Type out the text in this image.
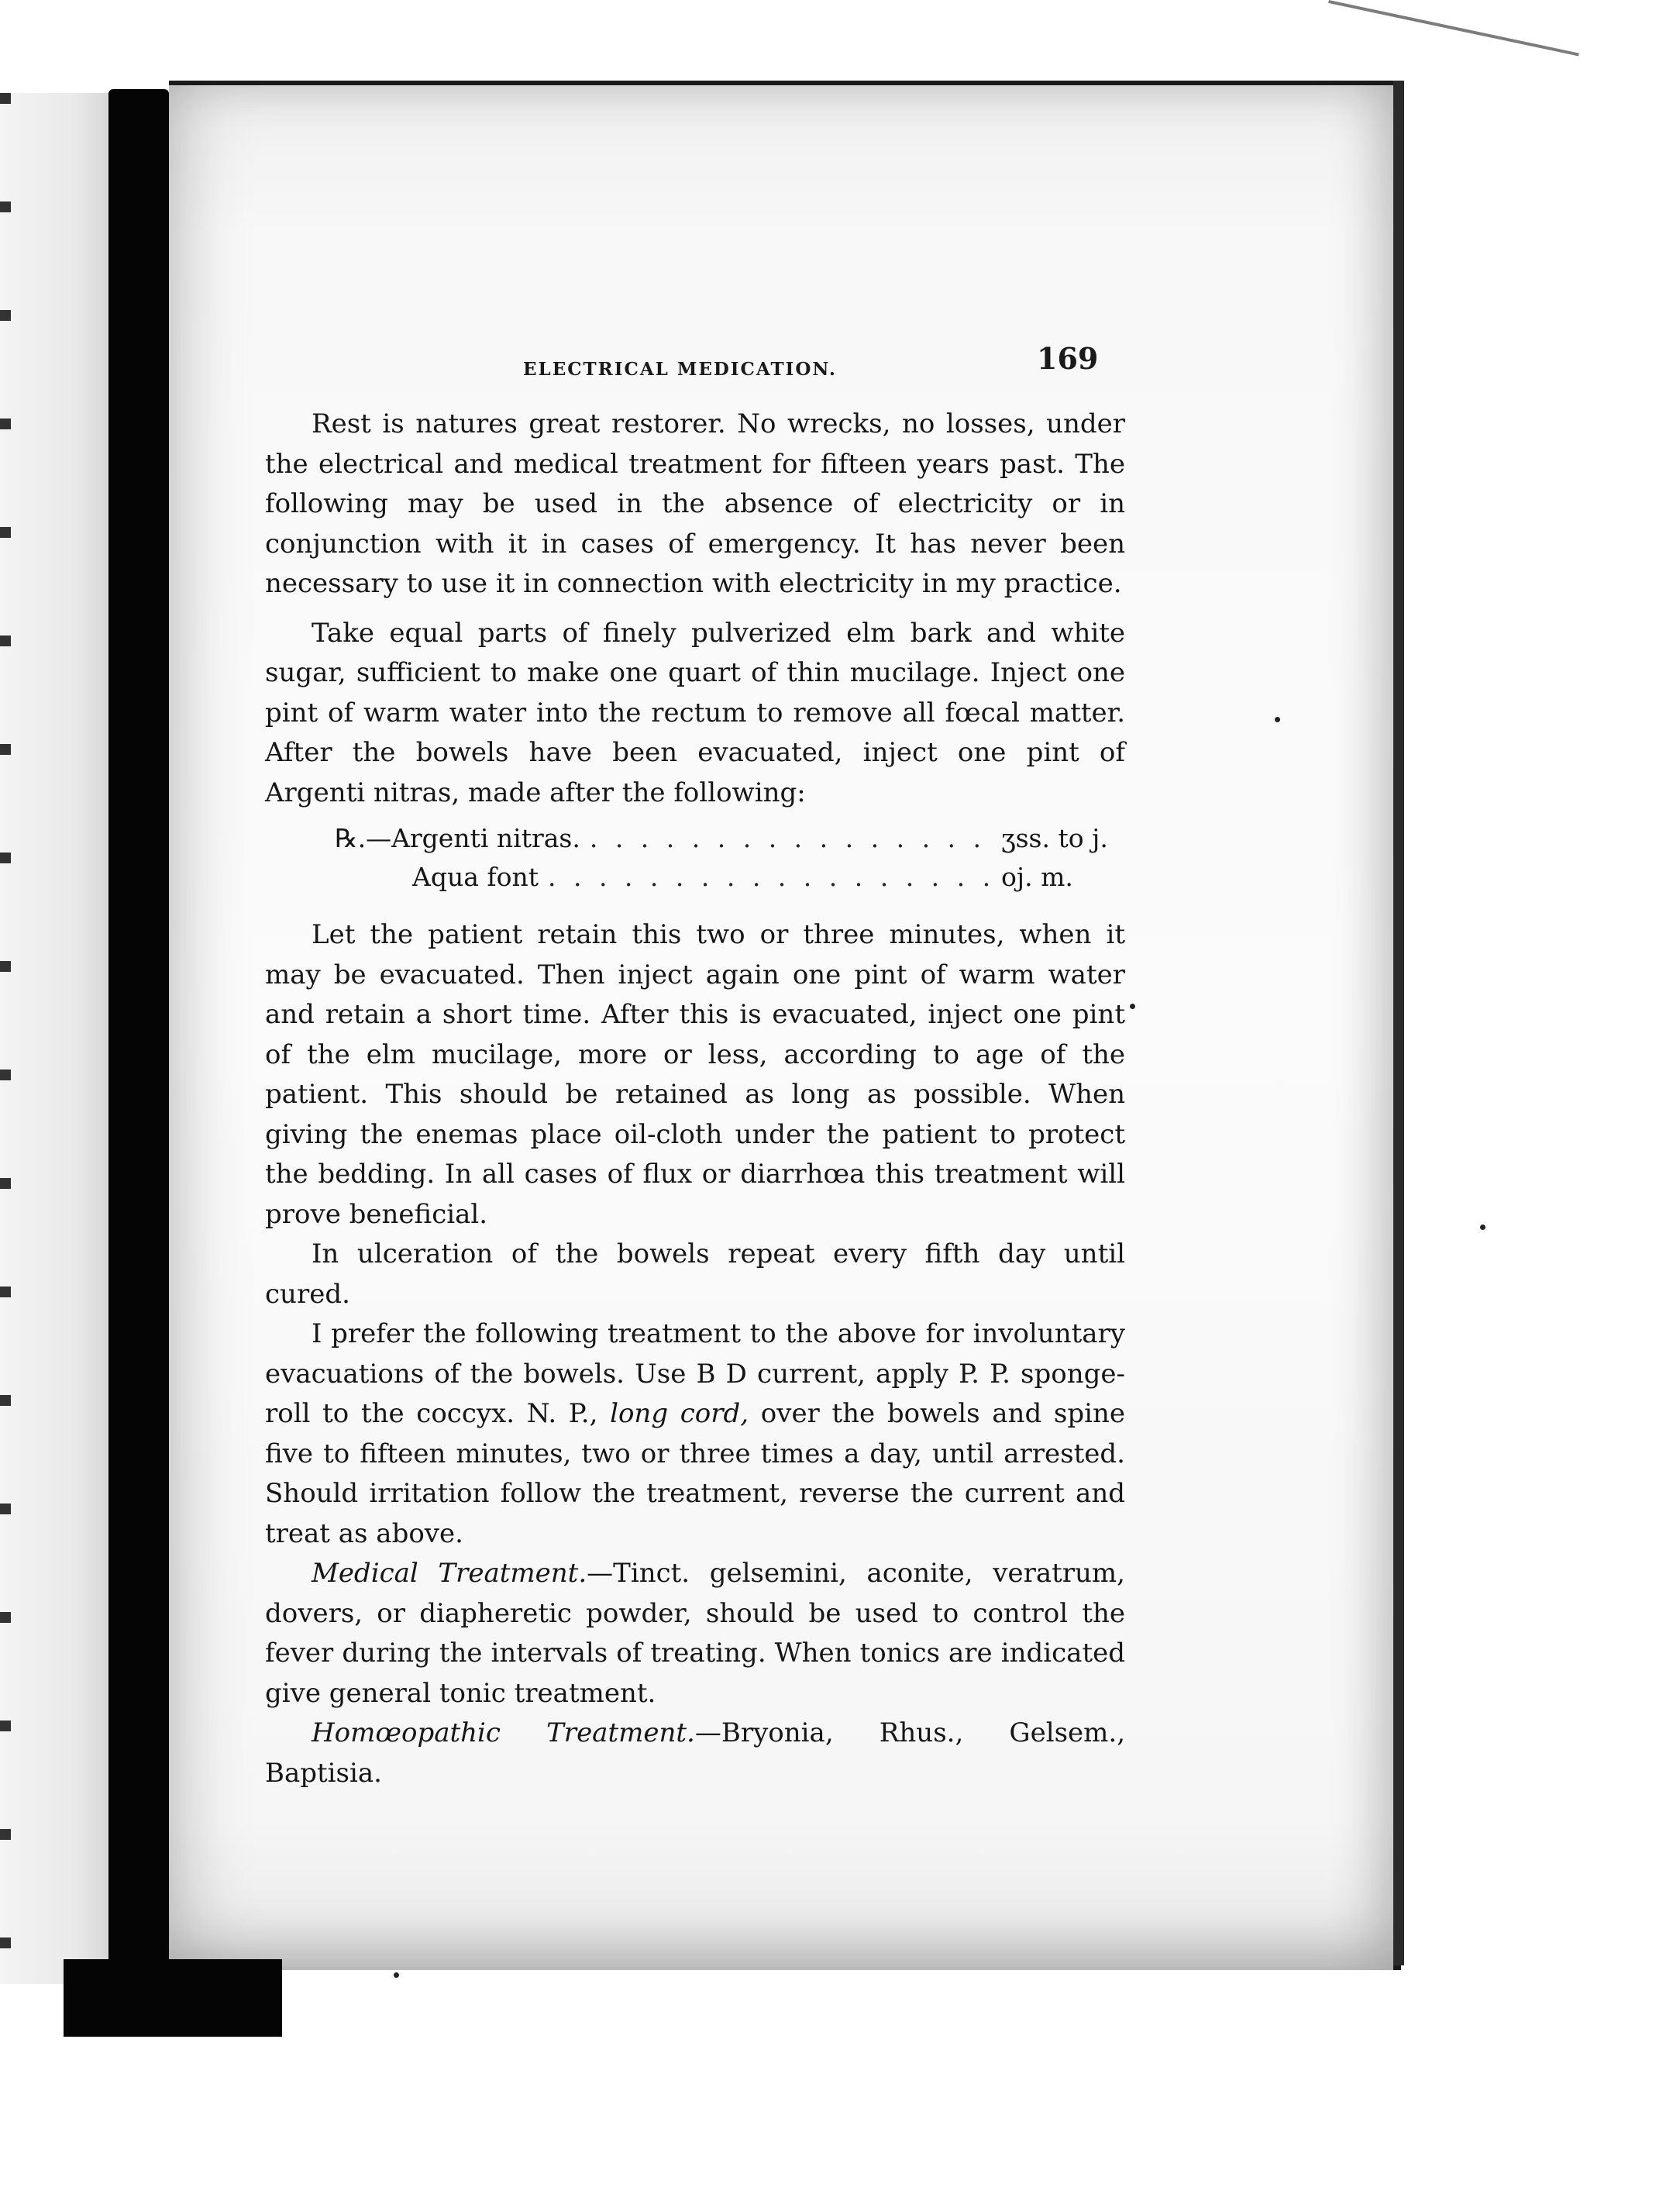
ELECTRICAL MEDICATION.	169

Rest is natures great restorer. No wrecks, no losses, under the electrical and medical treatment for fifteen years past. The following may be used in the absence of electricity or in conjunction with it in cases of emergency. It has never been necessary to use it in connection with electricity in my practice.

Take equal parts of finely pulverized elm bark and white sugar, sufficient to make one quart of thin mucilage. Inject one pint of warm water into the rectum to remove all fœcal matter. After the bowels have been evacuated, inject one pint of Argenti nitras, made after the following:

℞.—Argenti nitras. . . .	ʒss. to j.
Aqua font . . .	oj. m.

Let the patient retain this two or three minutes, when it may be evacuated. Then inject again one pint of warm water and retain a short time. After this is evacuated, inject one pint of the elm mucilage, more or less, according to age of the patient. This should be retained as long as possible. When giving the enemas place oil-cloth under the patient to protect the bedding. In all cases of flux or diarrhœa this treatment will prove beneficial.

In ulceration of the bowels repeat every fifth day until cured.

I prefer the following treatment to the above for involuntary evacuations of the bowels. Use B D current, apply P. P. sponge-roll to the coccyx. N. P., long cord, over the bowels and spine five to fifteen minutes, two or three times a day, until arrested. Should irritation follow the treatment, reverse the current and treat as above.

Medical Treatment.—Tinct. gelsemini, aconite, veratrum, dovers, or diapheretic powder, should be used to control the fever during the intervals of treating. When tonics are indicated give general tonic treatment.

Homœopathic Treatment.—Bryonia, Rhus., Gelsem., Baptisia.
